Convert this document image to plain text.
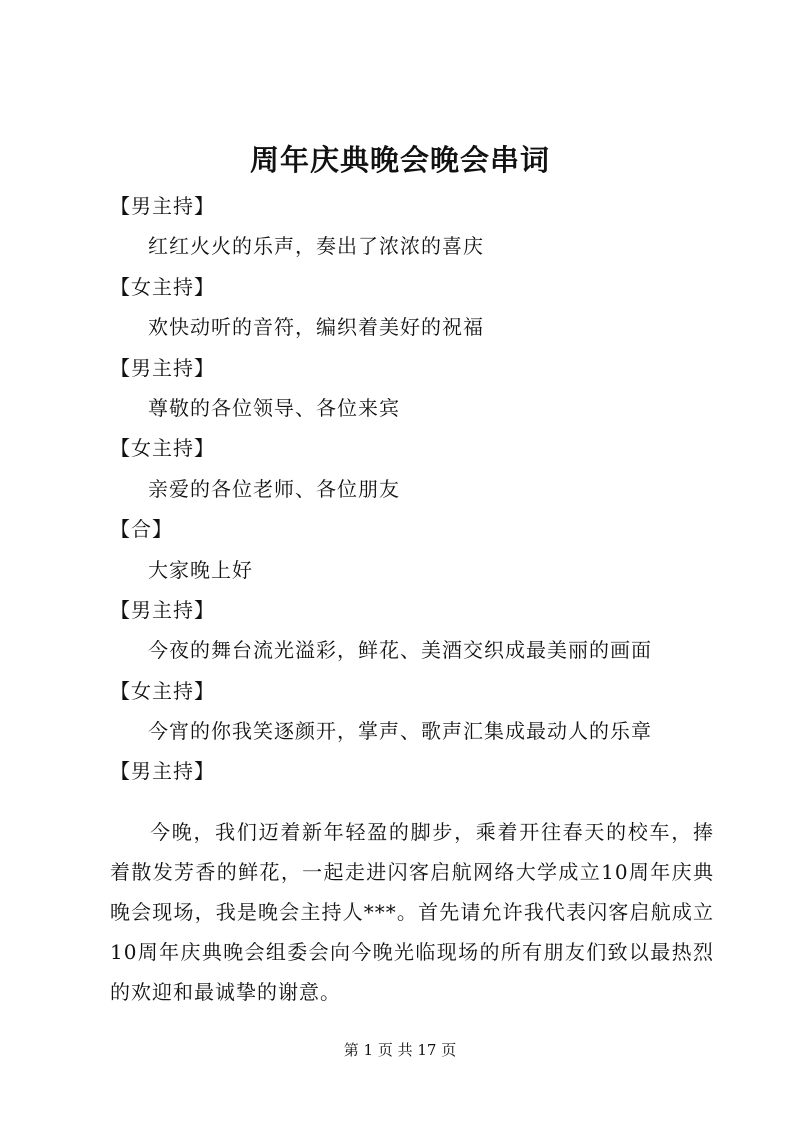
周年庆典晚会晚会串词
【男主持】
红红火火的乐声，奏出了浓浓的喜庆
【女主持】
欢快动听的音符，编织着美好的祝福
【男主持】
尊敬的各位领导、各位来宾
【女主持】
亲爱的各位老师、各位朋友
【合】
大家晚上好
【男主持】
今夜的舞台流光溢彩，鲜花、美酒交织成最美丽的画面
【女主持】
今宵的你我笑逐颜开，掌声、歌声汇集成最动人的乐章
【男主持】
今晚，我们迈着新年轻盈的脚步，乘着开往春天的校车，捧着散发芳香的鲜花，一起走进闪客启航网络大学成立10周年庆典晚会现场，我是晚会主持人***。首先请允许我代表闪客启航成立10周年庆典晚会组委会向今晚光临现场的所有朋友们致以最热烈的欢迎和最诚挚的谢意。
第 1 页 共 17 页
